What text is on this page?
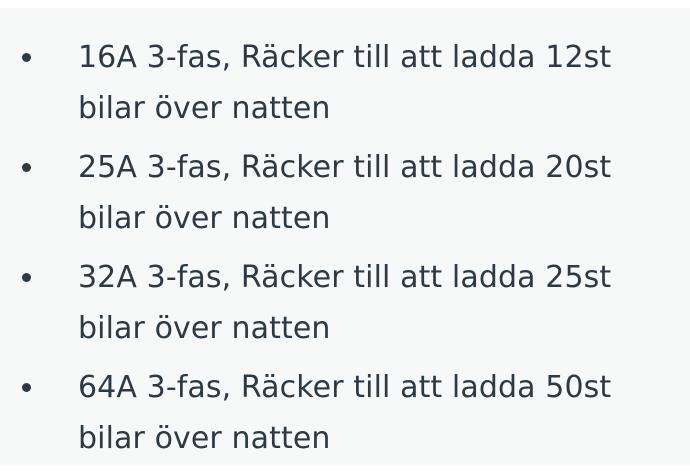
16A 3-fas, Räcker till att ladda 12st bilar över natten
25A 3-fas, Räcker till att ladda 20st bilar över natten
32A 3-fas, Räcker till att ladda 25st bilar över natten
64A 3-fas, Räcker till att ladda 50st bilar över natten
